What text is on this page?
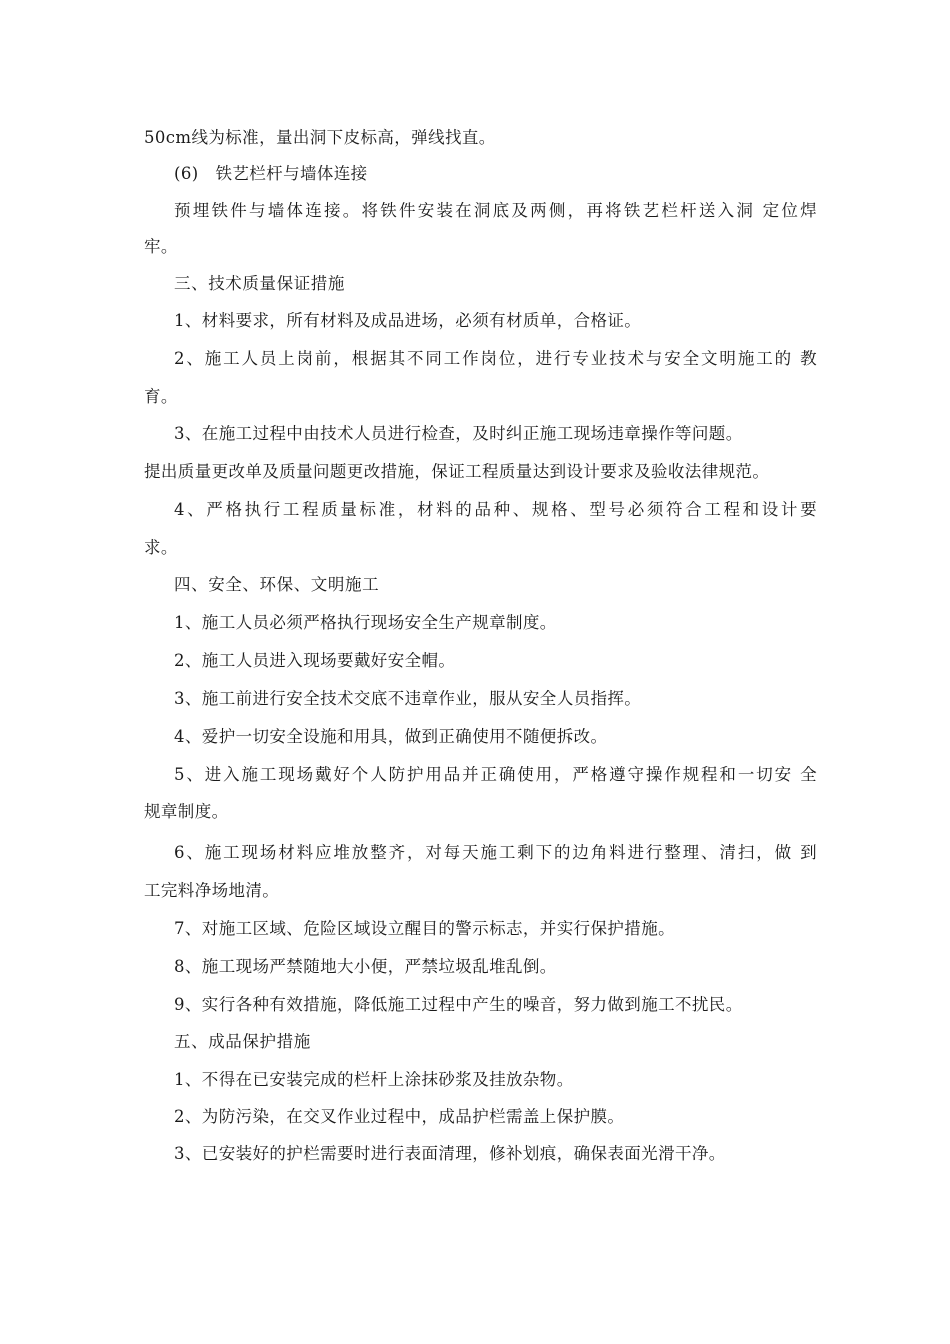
50cm线为标准，量出洞下皮标高，弹线找直。
(6)　铁艺栏杆与墙体连接
预埋铁件与墙体连接。将铁件安装在洞底及两侧，再将铁艺栏杆送入洞 定位焊
牢。
三、技术质量保证措施
1、材料要求，所有材料及成品进场，必须有材质单，合格证。
2、施工人员上岗前，根据其不同工作岗位，进行专业技术与安全文明施工的 教
育。
3、在施工过程中由技术人员进行检查，及时纠正施工现场违章操作等问题。
提出质量更改单及质量问题更改措施，保证工程质量达到设计要求及验收法律规范。
4、严格执行工程质量标准，材料的品种、规格、型号必须符合工程和设计要
求。
四、安全、环保、文明施工
1、施工人员必须严格执行现场安全生产规章制度。
2、施工人员进入现场要戴好安全帽。
3、施工前进行安全技术交底不违章作业，服从安全人员指挥。
4、爱护一切安全设施和用具，做到正确使用不随便拆改。
5、进入施工现场戴好个人防护用品并正确使用，严格遵守操作规程和一切安 全
规章制度。
6、施工现场材料应堆放整齐，对每天施工剩下的边角料进行整理、清扫，做 到
工完料净场地清。
7、对施工区域、危险区域设立醒目的警示标志，并实行保护措施。
8、施工现场严禁随地大小便，严禁垃圾乱堆乱倒。
9、实行各种有效措施，降低施工过程中产生的噪音，努力做到施工不扰民。
五、成品保护措施
1、不得在已安装完成的栏杆上涂抹砂浆及挂放杂物。
2、为防污染，在交叉作业过程中，成品护栏需盖上保护膜。
3、已安装好的护栏需要时进行表面清理，修补划痕，确保表面光滑干净。
